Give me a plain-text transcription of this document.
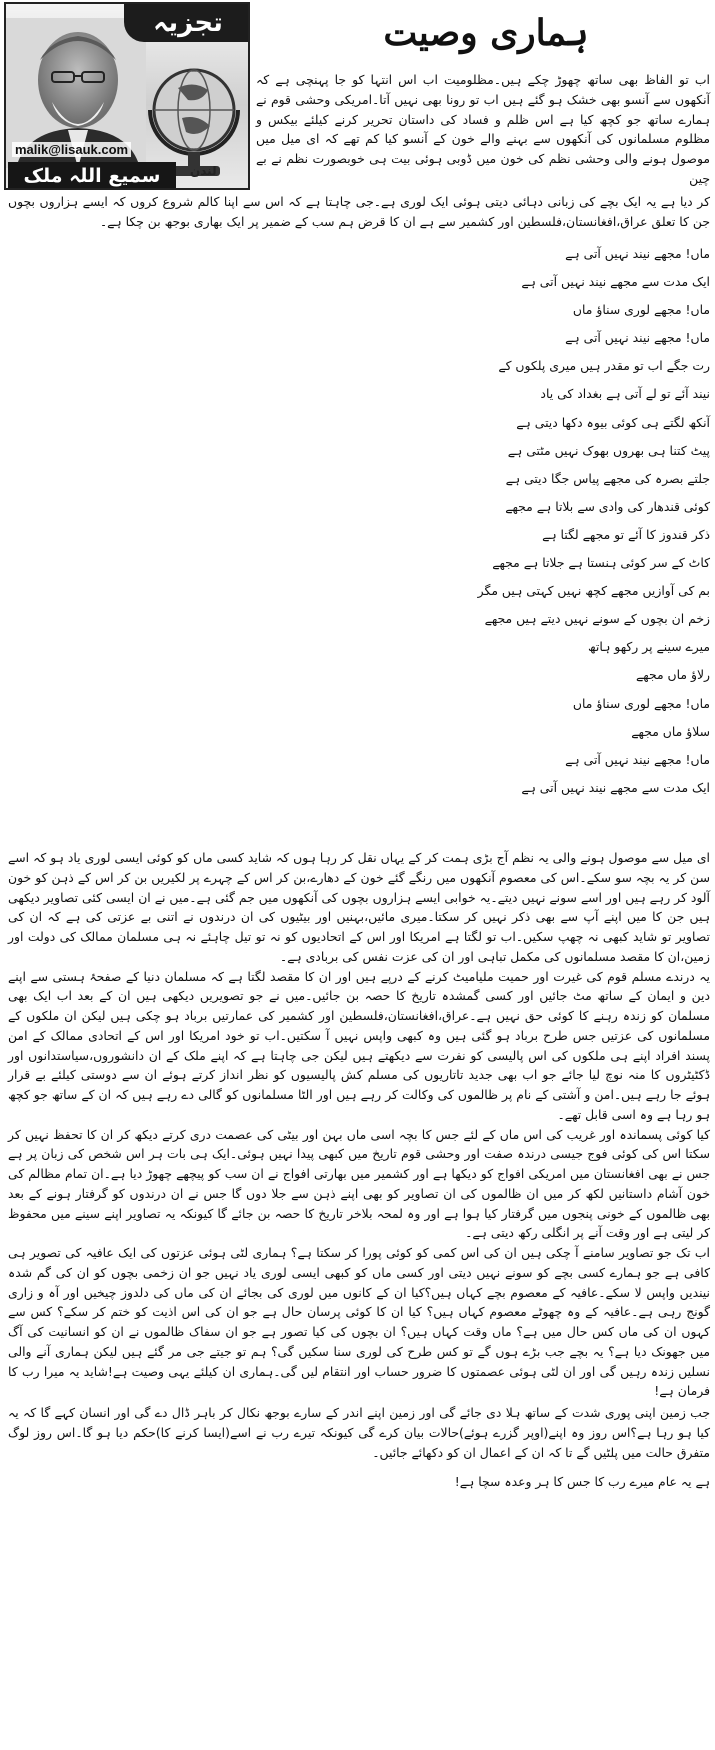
تجزیہ
malik@lisauk.com
سمیع اللہ ملک	لندن
ہماری وصیت

اب تو الفاظ بھی ساتھ چھوڑ چکے ہیں۔مظلومیت اب اس انتہا کو جا پہنچی ہے کہ آنکھوں سے آنسو بھی خشک ہو گئے ہیں اب تو رونا بھی نہیں آتا۔امریکی وحشی قوم نے ہمارے ساتھ جو کچھ کیا ہے اس ظلم و فساد کی داستان تحریر کرنے کیلئے بیکس و مظلوم مسلمانوں کی آنکھوں سے بہنے والے خون کے آنسو کیا کم تھے کہ ای میل میں موصول ہونے والی وحشی نظم کی خون میں ڈوبی ہوئی بیت ہی خوبصورت نظم نے بے چین

کر دیا ہے یہ ایک بچے کی زبانی دہائی دیتی ہوئی ایک لوری ہے۔جی چاہتا ہے کہ اس سے اپنا کالم شروع کروں کہ ایسے ہزاروں بچوں جن کا تعلق عراق،افغانستان،فلسطین اور کشمیر سے ہے ان کا قرض ہم سب کے ضمیر پر ایک بھاری بوجھ بن چکا ہے۔

ماں! مجھے نیند نہیں آتی ہے
ایک مدت سے مجھے نیند نہیں آتی ہے
ماں! مجھے لوری سناؤ ماں
ماں! مجھے نیند نہیں آتی ہے
رت جگے اب تو مقدر ہیں میری پلکوں کے
نیند آئے تو لے آتی ہے بغداد کی یاد
آنکھ لگتے ہی کوئی بیوہ دکھا دیتی ہے
پیٹ کتنا ہی بھروں بھوک نہیں مٹتی ہے
جلتے بصرہ کی مجھے پیاس جگا دیتی ہے
کوئی قندھار کی وادی سے بلاتا ہے مجھے
ذکر قندوز کا آئے تو مجھے لگتا ہے
کاٹ کے سر کوئی ہنستا ہے جلاتا ہے مجھے
بم کی آوازیں مجھے کچھ نہیں کہتی ہیں مگر
زخم ان بچوں کے سونے نہیں دیتے ہیں مجھے
میرے سینے پر رکھو ہاتھ
رلاؤ ماں مجھے
ماں! مجھے لوری سناؤ ماں
سلاؤ ماں مجھے
ماں! مجھے نیند نہیں آتی ہے
ایک مدت سے مجھے نیند نہیں آتی ہے

ای میل سے موصول ہونے والی یہ نظم آج بڑی ہمت کر کے یہاں نقل کر رہا ہوں کہ شاید کسی ماں کو کوئی ایسی لوری یاد ہو کہ اسے سن کر یہ بچہ سو سکے۔اس کی معصوم آنکھوں میں رنگے گئے خون کے دھارے،بن کر اس کے چہرے پر لکیریں بن کر اس کے ذہن کو خون آلود کر رہے ہیں اور اسے سونے نہیں دیتے۔یہ خوابی ایسے ہزاروں بچوں کی آنکھوں میں جم گئی ہے۔میں نے ان ایسی کئی تصاویر دیکھی ہیں جن کا میں اپنے آپ سے بھی ذکر نہیں کر سکتا۔میری مائیں،بہنیں اور بیٹیوں کی ان درندوں نے اتنی بے عزتی کی ہے کہ ان کی تصاویر تو شاید کبھی نہ چھپ سکیں۔اب تو لگتا ہے امریکا اور اس کے اتحادیوں کو نہ تو تیل چاہئے نہ ہی مسلمان ممالک کی دولت اور زمین،ان کا مقصد مسلمانوں کی مکمل تباہی اور ان کی عزت نفس کی بربادی ہے۔

یہ درندے مسلم قوم کی غیرت اور حمیت ملیامیٹ کرنے کے درپے ہیں اور ان کا مقصد لگتا ہے کہ مسلمان دنیا کے صفحۂ ہستی سے اپنے دین و ایمان کے ساتھ مٹ جائیں اور کسی گمشدہ تاریخ کا حصہ بن جائیں۔میں نے جو تصویریں دیکھی ہیں ان کے بعد اب ایک بھی مسلمان کو زندہ رہنے کا کوئی حق نہیں ہے۔عراق،افغانستان،فلسطین اور کشمیر کی عمارتیں برباد ہو چکی ہیں لیکن ان ملکوں کے مسلمانوں کی عزتیں جس طرح برباد ہو گئی ہیں وہ کبھی واپس نہیں آ سکتیں۔اب تو خود امریکا اور اس کے اتحادی ممالک کے امن پسند افراد اپنے ہی ملکوں کی اس پالیسی کو نفرت سے دیکھتے ہیں لیکن جی چاہتا ہے کہ اپنے ملک کے ان دانشوروں،سیاستدانوں اور ڈکٹیٹروں کا منہ نوچ لیا جائے جو اب بھی جدید تاتاریوں کی مسلم کش پالیسیوں کو نظر انداز کرتے ہوئے ان سے دوستی کیلئے بے قرار ہوئے جا رہے ہیں۔امن و آشتی کے نام پر ظالموں کی وکالت کر رہے ہیں اور الٹا مسلمانوں کو گالی دے رہے ہیں کہ ان کے ساتھ جو کچھ ہو رہا ہے وہ اسی قابل تھے۔

کیا کوئی پسماندہ اور غریب کی اس ماں کے لئے جس کا بچہ اسی ماں بہن اور بیٹی کی عصمت دری کرتے دیکھ کر ان کا تحفظ نہیں کر سکتا اس کی کوئی فوج جیسی درندہ صفت اور وحشی قوم تاریخ میں کبھی پیدا نہیں ہوئی۔ایک ہی بات ہر اس شخص کی زبان پر ہے جس نے بھی افغانستان میں امریکی افواج کو دیکھا ہے اور کشمیر میں بھارتی افواج نے ان سب کو پیچھے چھوڑ دیا ہے۔ان تمام مظالم کی خون آشام داستانیں لکھ کر میں ان ظالموں کی ان تصاویر کو بھی اپنے ذہن سے جلا دوں گا جس نے ان درندوں کو گرفتار ہونے کے بعد بھی ظالموں کے خونی پنجوں میں گرفتار کیا ہوا ہے اور وہ لمحہ بلاخر تاریخ کا حصہ بن جائے گا کیونکہ یہ تصاویر اپنے سینے میں محفوظ کر لیتی ہے اور وقت آنے پر انگلی رکھ دیتی ہے۔

اب تک جو تصاویر سامنے آ چکی ہیں ان کی اس کمی کو کوئی پورا کر سکتا ہے؟ ہماری لٹی ہوئی عزتوں کی ایک عافیہ کی تصویر ہی کافی ہے جو ہمارے کسی بچے کو سونے نہیں دیتی اور کسی ماں کو کبھی ایسی لوری یاد نہیں جو ان زخمی بچوں کو ان کی گم شدہ نیندیں واپس لا سکے۔عافیہ کے معصوم بچے کہاں ہیں؟کیا ان کے کانوں میں لوری کی بجائے ان کی ماں کی دلدوز چیخیں اور آہ و زاری گونج رہی ہے۔عافیہ کے وہ چھوٹے معصوم کہاں ہیں؟ کیا ان کا کوئی پرسان حال ہے جو ان کی اس اذیت کو ختم کر سکے؟ کس سے کہوں ان کی ماں کس حال میں ہے؟ ماں وقت کہاں ہیں؟ ان بچوں کی کیا تصور ہے جو ان سفاک ظالموں نے ان کو انسانیت کی آگ میں جھونک دیا ہے؟ یہ بچے جب بڑے ہوں گے تو کس طرح کی لوری سنا سکیں گی؟ ہم تو جیتے جی مر گئے ہیں لیکن ہماری آنے والی نسلیں زندہ رہیں گی اور ان لٹی ہوئی عصمتوں کا ضرور حساب اور انتقام لیں گی۔ہماری ان کیلئے یہی وصیت ہے!شاید یہ میرا رب کا فرمان ہے!

جب زمین اپنی پوری شدت کے ساتھ ہلا دی جائے گی اور زمین اپنے اندر کے سارے بوجھ نکال کر باہر ڈال دے گی اور انسان کہے گا کہ یہ کیا ہو رہا ہے؟اس روز وہ اپنے(اوپر گزرے ہوئے)حالات بیان کرے گی کیونکہ تیرے رب نے اسے(ایسا کرنے کا)حکم دیا ہو گا۔اس روز لوگ متفرق حالت میں پلٹیں گے تا کہ ان کے اعمال ان کو دکھائے جائیں۔

ہے یہ عام میرے رب کا جس کا ہر وعدہ سچا ہے!
